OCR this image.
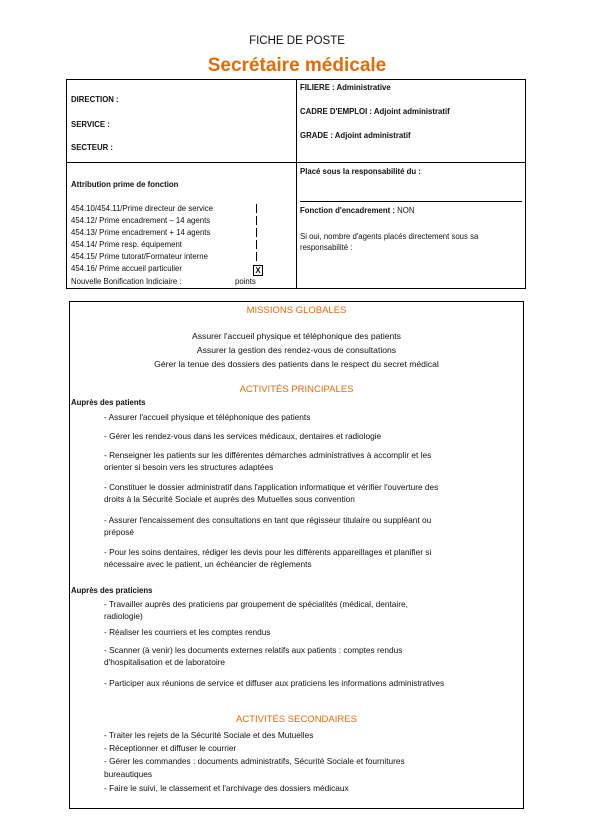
FICHE DE POSTE
Secrétaire médicale
DIRECTION :
SERVICE :
SECTEUR :
FILIERE : Administrative
CADRE D'EMPLOI : Adjoint administratif
GRADE : Adjoint administratif
Attribution prime de fonction
454.10/454.11/Prime directeur de service
454.12/ Prime encadrement – 14 agents
454.13/ Prime encadrement + 14 agents
454.14/ Prime resp. équipement
454.15/ Prime tutorat/Formateur interne
454.16/ Prime accueil particulier	X
Nouvelle Bonification Indiciaire :	points
Placé sous la responsabilité du :
Fonction d'encadrement : NON
Si oui, nombre d'agents placés directement sous sa
responsabilité :
MISSIONS GLOBALES
Assurer l'accueil physique et téléphonique des patients
Assurer la gestion des rendez-vous de consultations
Gérer la tenue des dossiers des patients dans le respect du secret médical
ACTIVITÉS PRINCIPALES
Auprès des patients
- Assurer l'accueil physique et téléphonique des patients
- Gérer les rendez-vous dans les services médicaux, dentaires et radiologie
- Renseigner les patients sur les différentes démarches administratives à accomplir et les
orienter si besoin vers les structures adaptées
- Constituer le dossier administratif dans l'application informatique et vérifier l'ouverture des
droits à la Sécurité Sociale et auprès des Mutuelles sous convention
- Assurer l'encaissement des consultations en tant que régisseur titulaire ou suppléant ou
préposé
- Pour les soins dentaires, rédiger les devis pour les différents appareillages et planifier si
nécessaire avec le patient, un échéancier de règlements
Auprès des praticiens
- Travailler auprès des praticiens par groupement de spécialités (médical, dentaire,
radiologie)
- Réaliser les courriers et les comptes rendus
- Scanner (à venir) les documents externes relatifs aux patients : comptes rendus
d'hospitalisation et de laboratoire
- Participer aux réunions de service et diffuser aux praticiens les informations administratives
ACTIVITÉS SECONDAIRES
- Traiter les rejets de la Sécurité Sociale et des Mutuelles
- Réceptionner et diffuser le courrier
- Gérer les commandes : documents administratifs, Sécurité Sociale et fournitures
bureautiques
- Faire le suivi, le classement et l'archivage des dossiers médicaux
